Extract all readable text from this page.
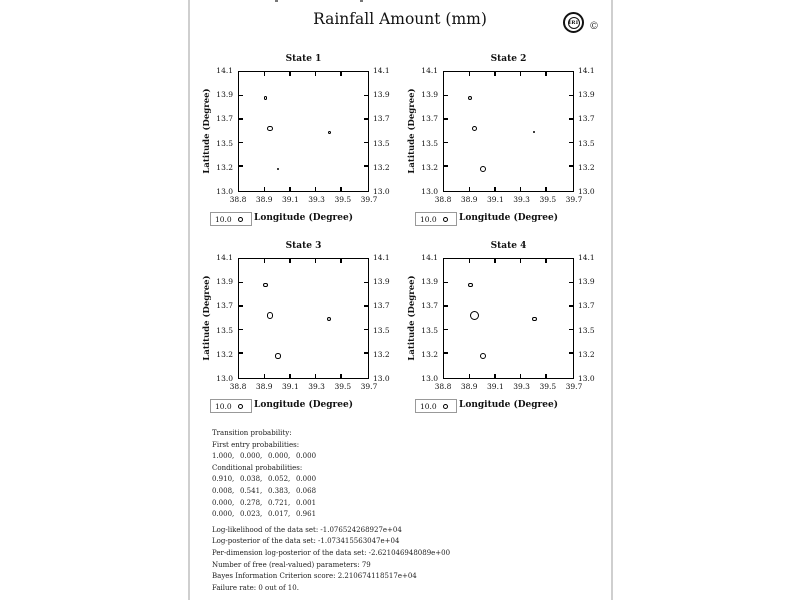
Rainfall Amount (mm)	IRI ©
State 1
14.1	14.1
13.9	13.9
13.7	13.7
13.5	13.5
13.2	13.2
13.0	13.0
38.8	38.9	39.1	39.3	39.5	39.7
Latitude (Degree)
Longitude (Degree)
10.0
State 2
14.1	14.1
13.9	13.9
13.7	13.7
13.5	13.5
13.2	13.2
13.0	13.0
38.8	38.9	39.1	39.3	39.5	39.7
Latitude (Degree)
Longitude (Degree)
10.0
State 3
14.1	14.1
13.9	13.9
13.7	13.7
13.5	13.5
13.2	13.2
13.0	13.0
38.8	38.9	39.1	39.3	39.5	39.7
Latitude (Degree)
Longitude (Degree)
10.0
State 4
14.1	14.1
13.9	13.9
13.7	13.7
13.5	13.5
13.2	13.2
13.0	13.0
38.8	38.9	39.1	39.3	39.5	39.7
Latitude (Degree)
Longitude (Degree)
10.0
Transition probability:
First entry probabilities:
1.000, 0.000, 0.000, 0.000
Conditional probabilities:
0.910, 0.038, 0.052, 0.000
0.008, 0.541, 0.383, 0.068
0.000, 0.278, 0.721, 0.001
0.000, 0.023, 0.017, 0.961
Log-likelihood of the data set: -1.076524268927e+04
Log-posterior of the data set: -1.073415563047e+04
Per-dimension log-posterior of the data set: -2.621046948089e+00
Number of free (real-valued) parameters: 79
Bayes Information Criterion score: 2.210674118517e+04
Failure rate: 0 out of 10.
